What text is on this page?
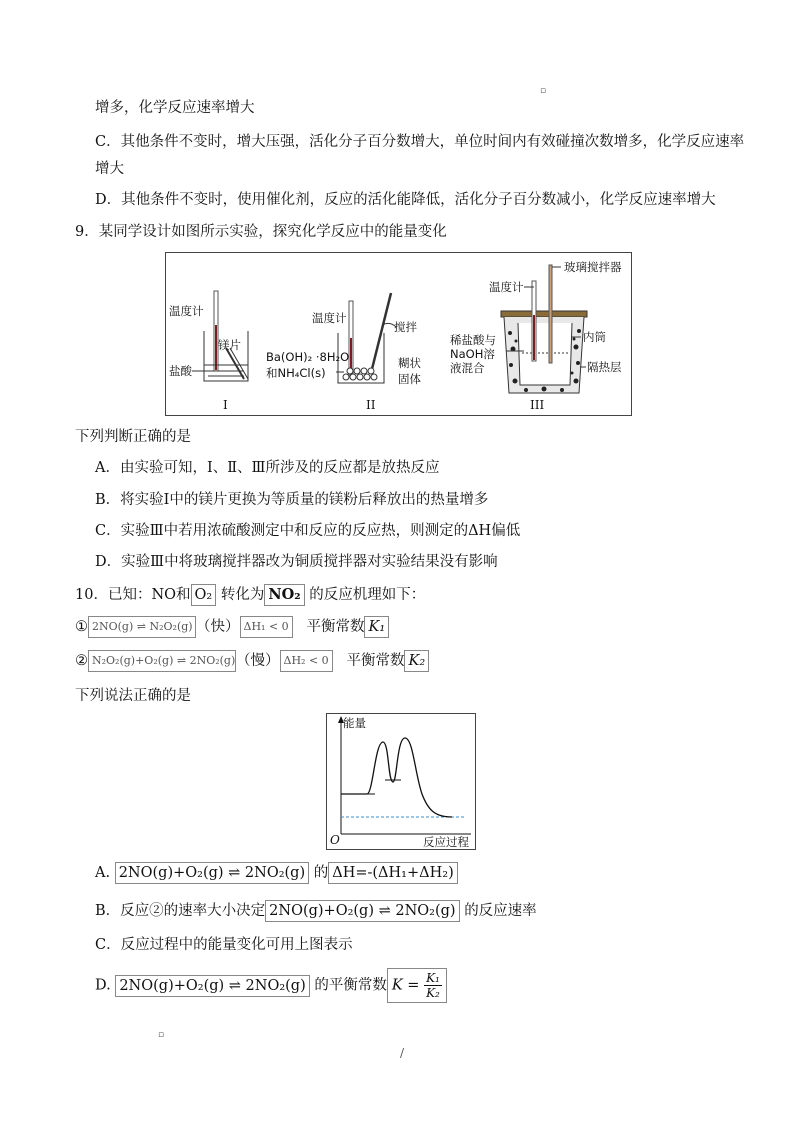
▫
增多，化学反应速率增大
C．其他条件不变时，增大压强，活化分子百分数增大，单位时间内有效碰撞次数增多，化学反应速率
增大
D．其他条件不变时，使用催化剂，反应的活化能降低，活化分子百分数减小，化学反应速率增大
9．某同学设计如图所示实验，探究化学反应中的能量变化
温度计
镁片
盐酸
I
温度计
搅拌
Ba(OH)₂ ·8H₂O
和NH₄Cl(s)
糊状
固体
II
玻璃搅拌器
温度计
稀盐酸与
NaOH溶
液混合
内筒
隔热层
III
下列判断正确的是
A．由实验可知，Ⅰ、Ⅱ、Ⅲ所涉及的反应都是放热反应
B．将实验Ⅰ中的镁片更换为等质量的镁粉后释放出的热量增多
C．实验Ⅲ中若用浓硫酸测定中和反应的反应热，则测定的ΔH偏低
D．实验Ⅲ中将玻璃搅拌器改为铜质搅拌器对实验结果没有影响
10．已知：NO和 O₂ 转化为 NO₂ 的反应机理如下：
① 2NO(g) ⇌ N₂O₂(g) （快） ΔH₁ < 0 平衡常数 K₁
② N₂O₂(g)+O₂(g) ⇌ 2NO₂(g)（慢） ΔH₂ < 0 平衡常数 K₂
下列说法正确的是
能量
O	反应过程
A. 2NO(g)+O₂(g) ⇌ 2NO₂(g) 的 ΔH=-(ΔH₁+ΔH₂)
B．反应②的速率大小决定 2NO(g)+O₂(g) ⇌ 2NO₂(g) 的反应速率
C．反应过程中的能量变化可用上图表示
D. 2NO(g)+O₂(g) ⇌ 2NO₂(g) 的平衡常数 $K = \frac{\text{K₁}}{\text{K₂}}$
▫
/
